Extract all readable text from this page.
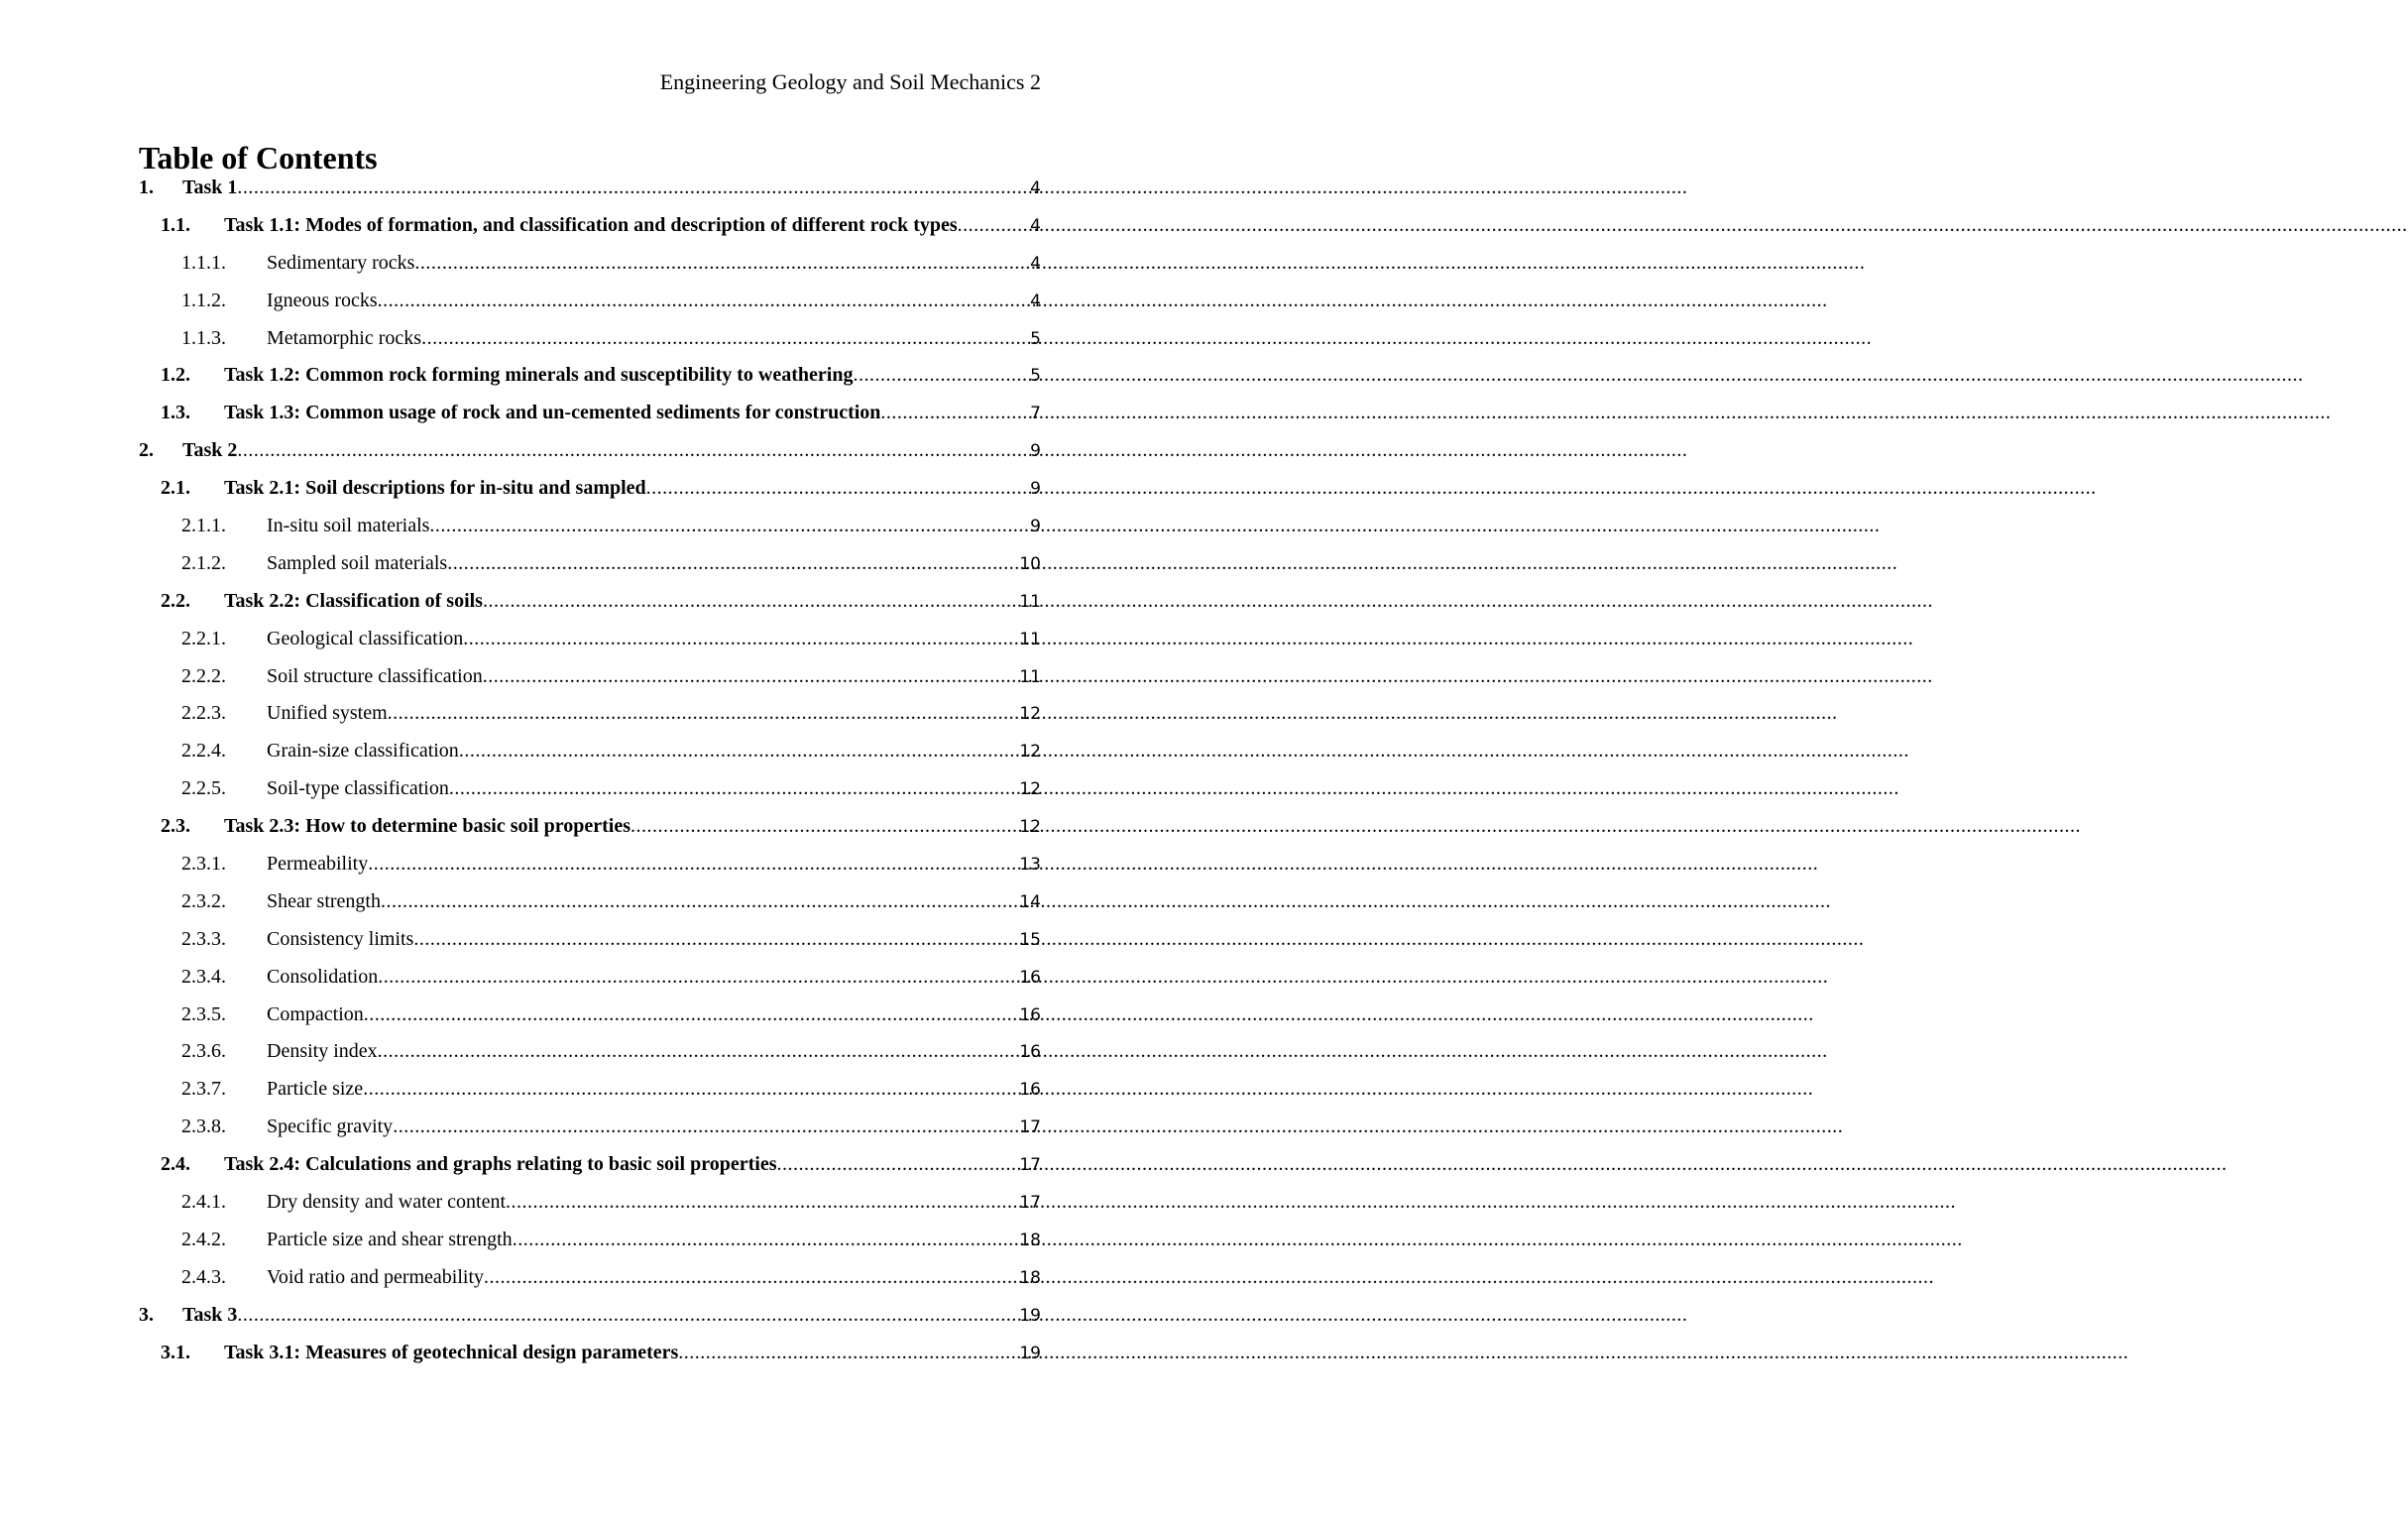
Engineering Geology and Soil Mechanics 2
Table of Contents
1.	Task 1 .....	4
1.1.	Task 1.1: Modes of formation, and classification and description of different rock types .....	4
1.1.1.	Sedimentary rocks .....	4
1.1.2.	Igneous rocks .....	4
1.1.3.	Metamorphic rocks .....	5
1.2.	Task 1.2: Common rock forming minerals and susceptibility to weathering .....	5
1.3.	Task 1.3: Common usage of rock and un-cemented sediments for construction .....	7
2.	Task 2 .....	9
2.1.	Task 2.1: Soil descriptions for in-situ and sampled .....	9
2.1.1.	In-situ soil materials .....	9
2.1.2.	Sampled soil materials .....	10
2.2.	Task 2.2: Classification of soils .....	11
2.2.1.	Geological classification .....	11
2.2.2.	Soil structure classification .....	11
2.2.3.	Unified system .....	12
2.2.4.	Grain-size classification .....	12
2.2.5.	Soil-type classification .....	12
2.3.	Task 2.3: How to determine basic soil properties .....	12
2.3.1.	Permeability .....	13
2.3.2.	Shear strength .....	14
2.3.3.	Consistency limits .....	15
2.3.4.	Consolidation .....	16
2.3.5.	Compaction .....	16
2.3.6.	Density index .....	16
2.3.7.	Particle size .....	16
2.3.8.	Specific gravity .....	17
2.4.	Task 2.4: Calculations and graphs relating to basic soil properties .....	17
2.4.1.	Dry density and water content .....	17
2.4.2.	Particle size and shear strength .....	18
2.4.3.	Void ratio and permeability .....	18
3.	Task 3 .....	19
3.1.	Task 3.1: Measures of geotechnical design parameters .....	19
